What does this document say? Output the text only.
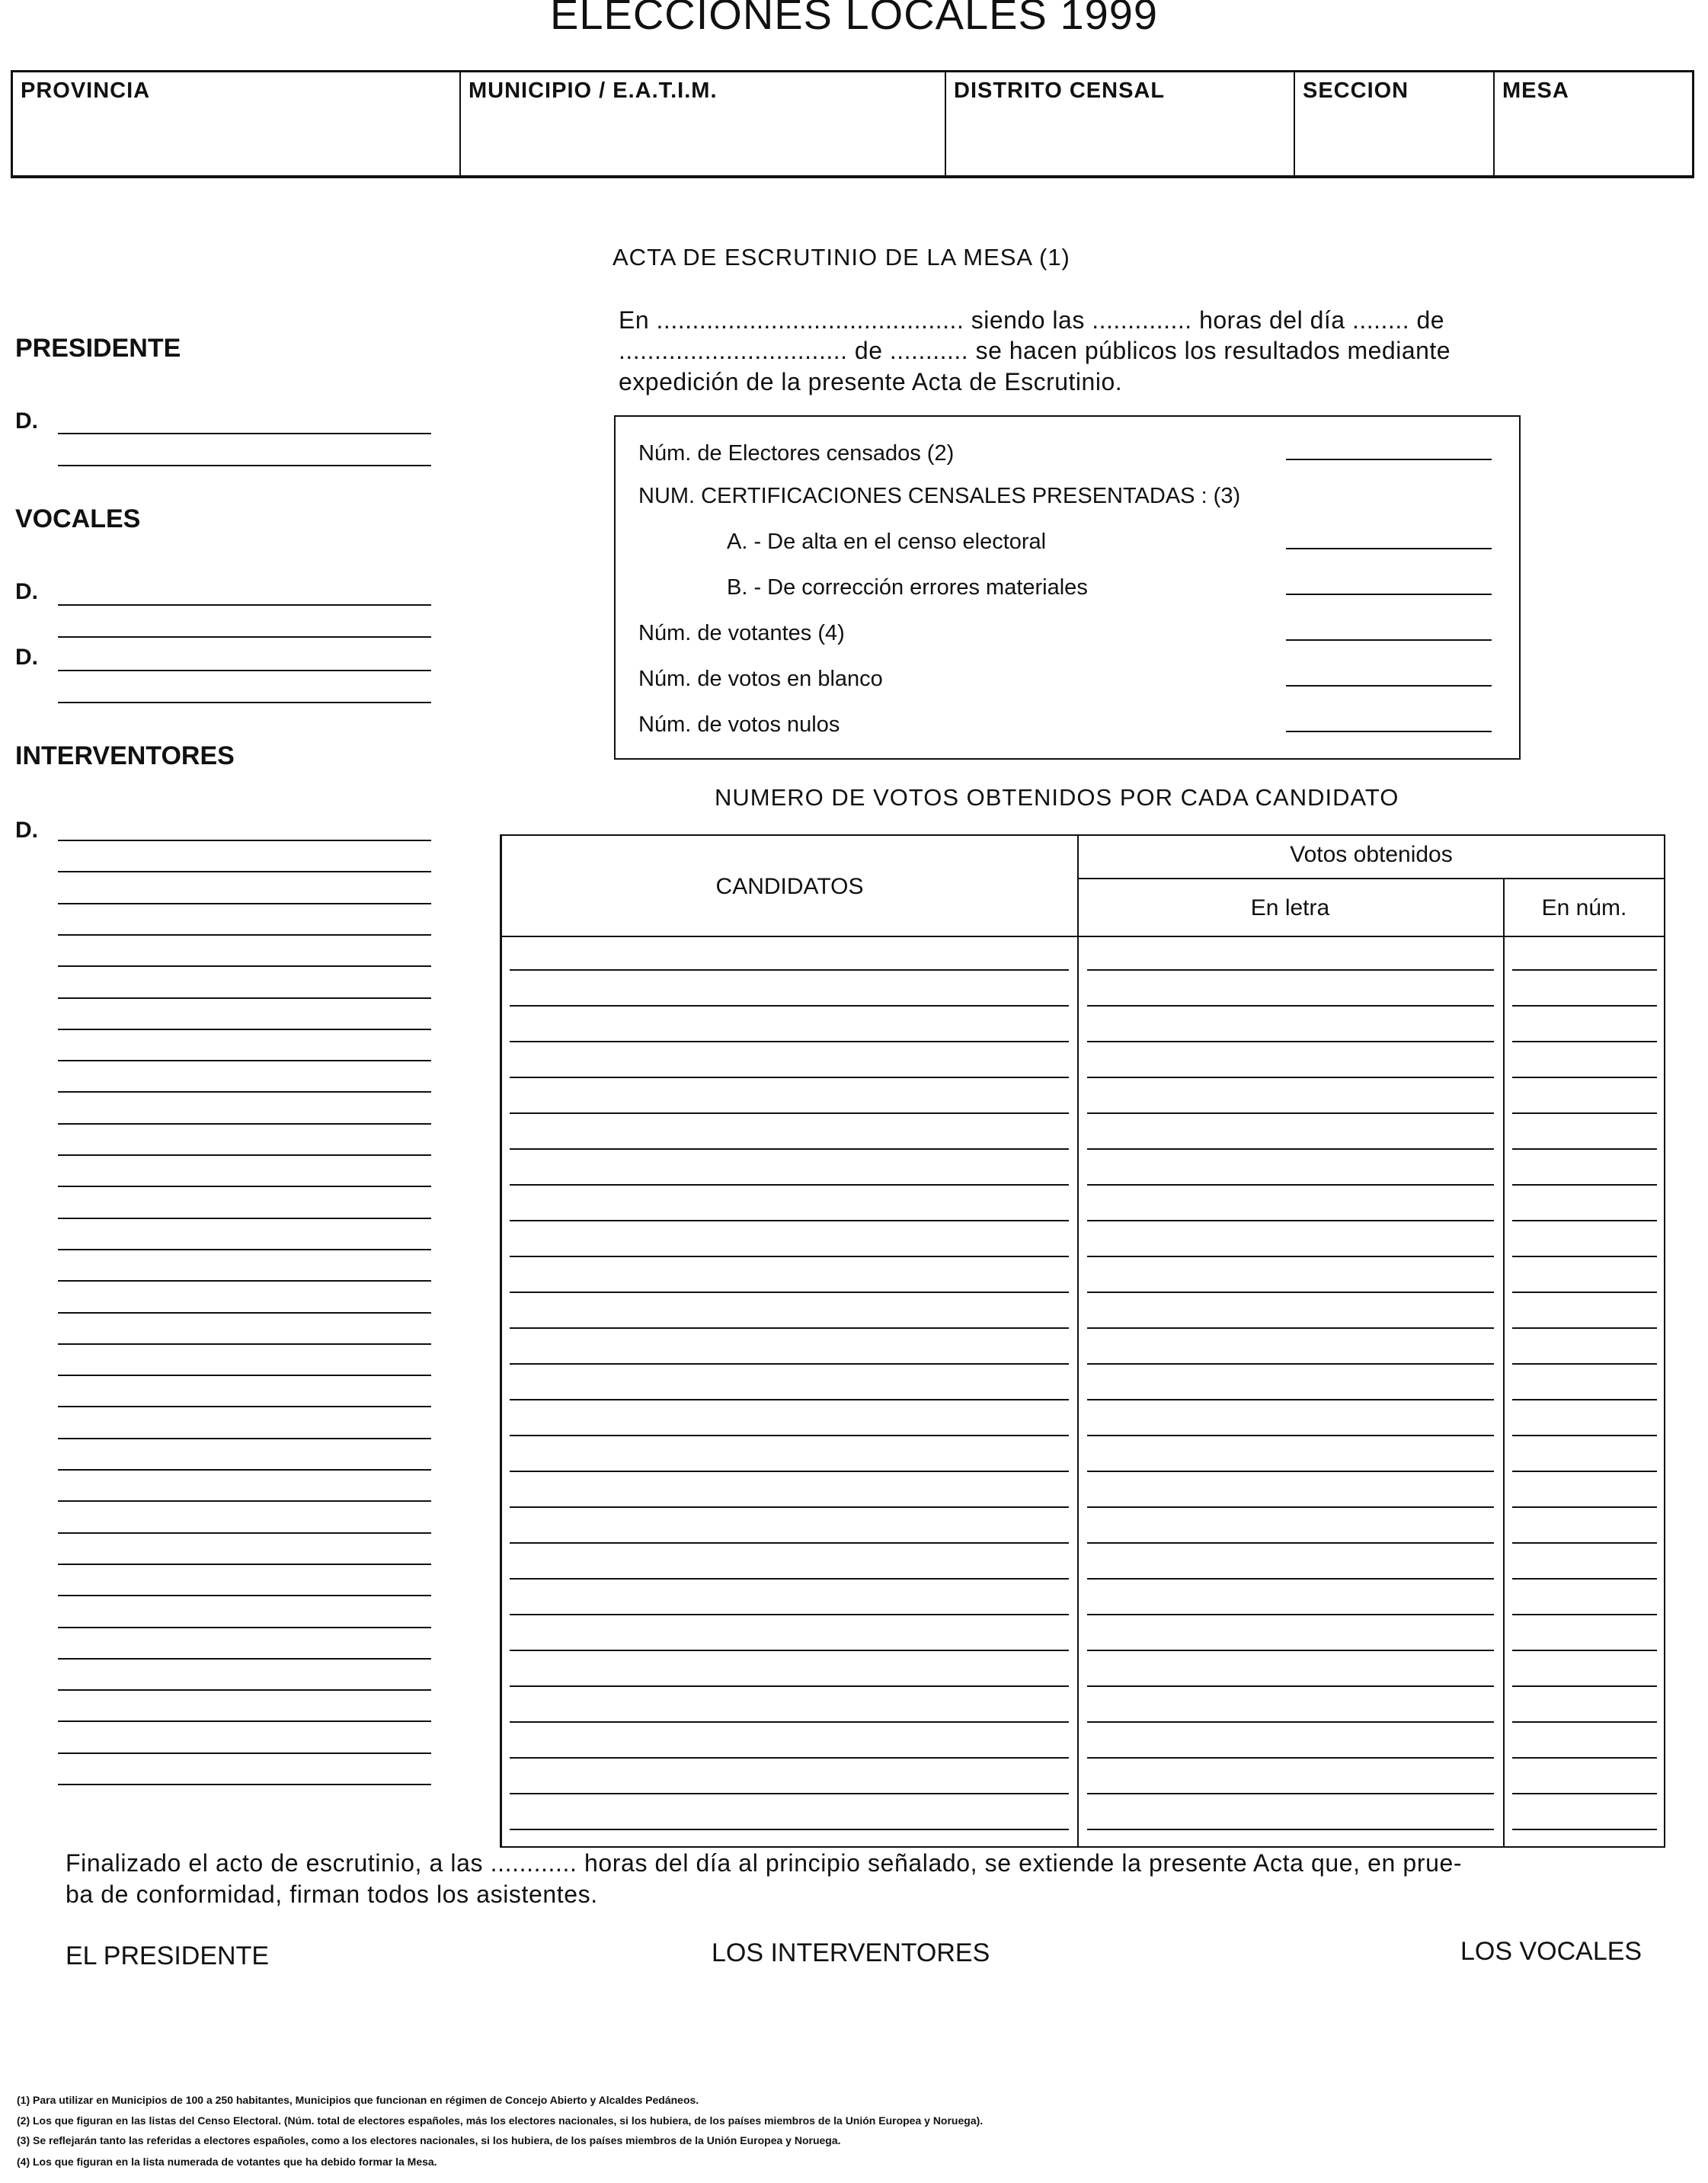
ELECCIONES LOCALES 1999
PROVINCIA	MUNICIPIO / E.A.T.I.M.	DISTRITO CENSAL	SECCION	MESA
PRESIDENTE
D.
VOCALES
D.
D.
INTERVENTORES
D.
ACTA DE ESCRUTINIO DE LA MESA (1)
En ........................................... siendo las .............. horas del día ........ de
................................ de ........... se hacen públicos los resultados mediante
expedición de la presente Acta de Escrutinio.
Núm. de Electores censados (2)
NUM. CERTIFICACIONES CENSALES PRESENTADAS : (3)
A. - De alta en el censo electoral
B. - De corrección errores materiales
Núm. de votantes (4)
Núm. de votos en blanco
Núm. de votos nulos
NUMERO DE VOTOS OBTENIDOS POR CADA CANDIDATO
CANDIDATOS
Votos obtenidos
En letra	En núm.
Finalizado el acto de escrutinio, a las ............ horas del día al principio señalado, se extiende la presente Acta que, en prue-
ba de conformidad, firman todos los asistentes.
EL PRESIDENTE	LOS INTERVENTORES	LOS VOCALES
(1) Para utilizar en Municipios de 100 a 250 habitantes, Municipios que funcionan en régimen de Concejo Abierto y Alcaldes Pedáneos.
(2) Los que figuran en las listas del Censo Electoral. (Núm. total de electores españoles, más los electores nacionales, si los hubiera, de los países miembros de la Unión Europea y Noruega).
(3) Se reflejarán tanto las referidas a electores españoles, como a los electores nacionales, si los hubiera, de los países miembros de la Unión Europea y Noruega.
(4) Los que figuran en la lista numerada de votantes que ha debido formar la Mesa.
